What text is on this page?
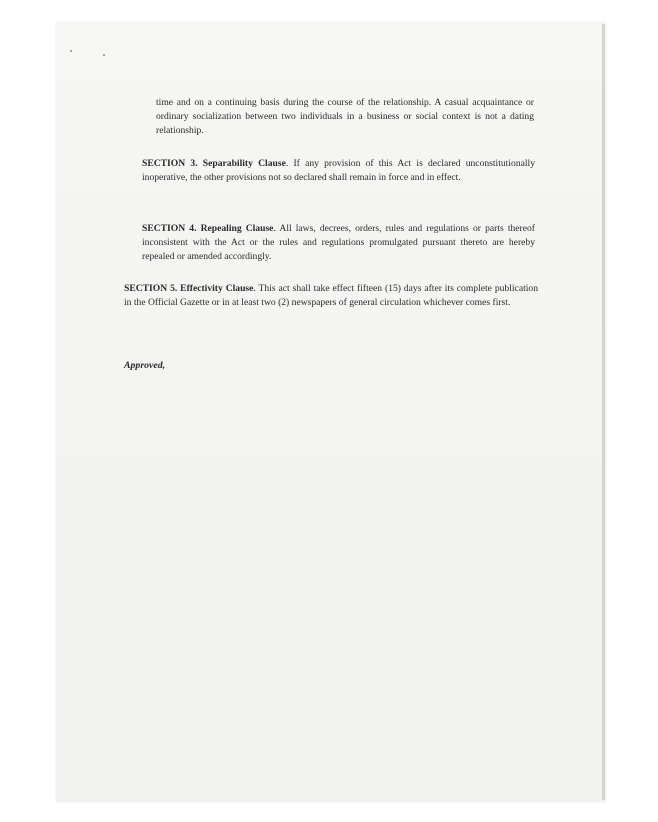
time and on a continuing basis during the course of the relationship. A casual acquaintance or ordinary socialization between two individuals in a business or social context is not a dating relationship.

SECTION 3. Separability Clause. If any provision of this Act is declared unconstitutionally inoperative, the other provisions not so declared shall remain in force and in effect.

SECTION 4. Repealing Clause. All laws, decrees, orders, rules and regulations or parts thereof inconsistent with the Act or the rules and regulations promulgated pursuant thereto are hereby repealed or amended accordingly.

SECTION 5. Effectivity Clause. This act shall take effect fifteen (15) days after its complete publication in the Official Gazette or in at least two (2) newspapers of general circulation whichever comes first.

Approved,
